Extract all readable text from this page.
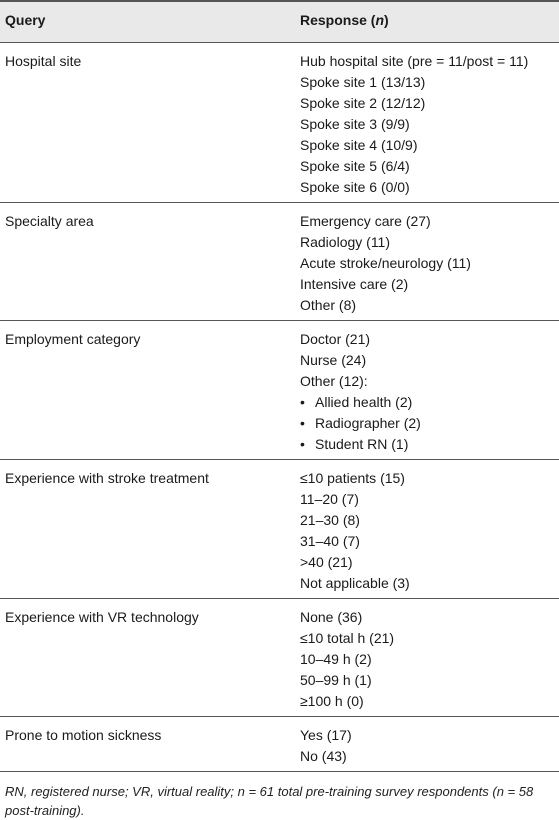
Query	Response (n)
Hospital site	Hub hospital site (pre = 11/post = 11)
Spoke site 1 (13/13)
Spoke site 2 (12/12)
Spoke site 3 (9/9)
Spoke site 4 (10/9)
Spoke site 5 (6/4)
Spoke site 6 (0/0)
Specialty area	Emergency care (27)
Radiology (11)
Acute stroke/neurology (11)
Intensive care (2)
Other (8)
Employment category	Doctor (21)
Nurse (24)
Other (12):
• Allied health (2)
• Radiographer (2)
• Student RN (1)
Experience with stroke treatment	≤10 patients (15)
11–20 (7)
21–30 (8)
31–40 (7)
>40 (21)
Not applicable (3)
Experience with VR technology	None (36)
≤10 total h (21)
10–49 h (2)
50–99 h (1)
≥100 h (0)
Prone to motion sickness	Yes (17)
No (43)
RN, registered nurse; VR, virtual reality; n = 61 total pre-training survey respondents (n = 58 post-training).
